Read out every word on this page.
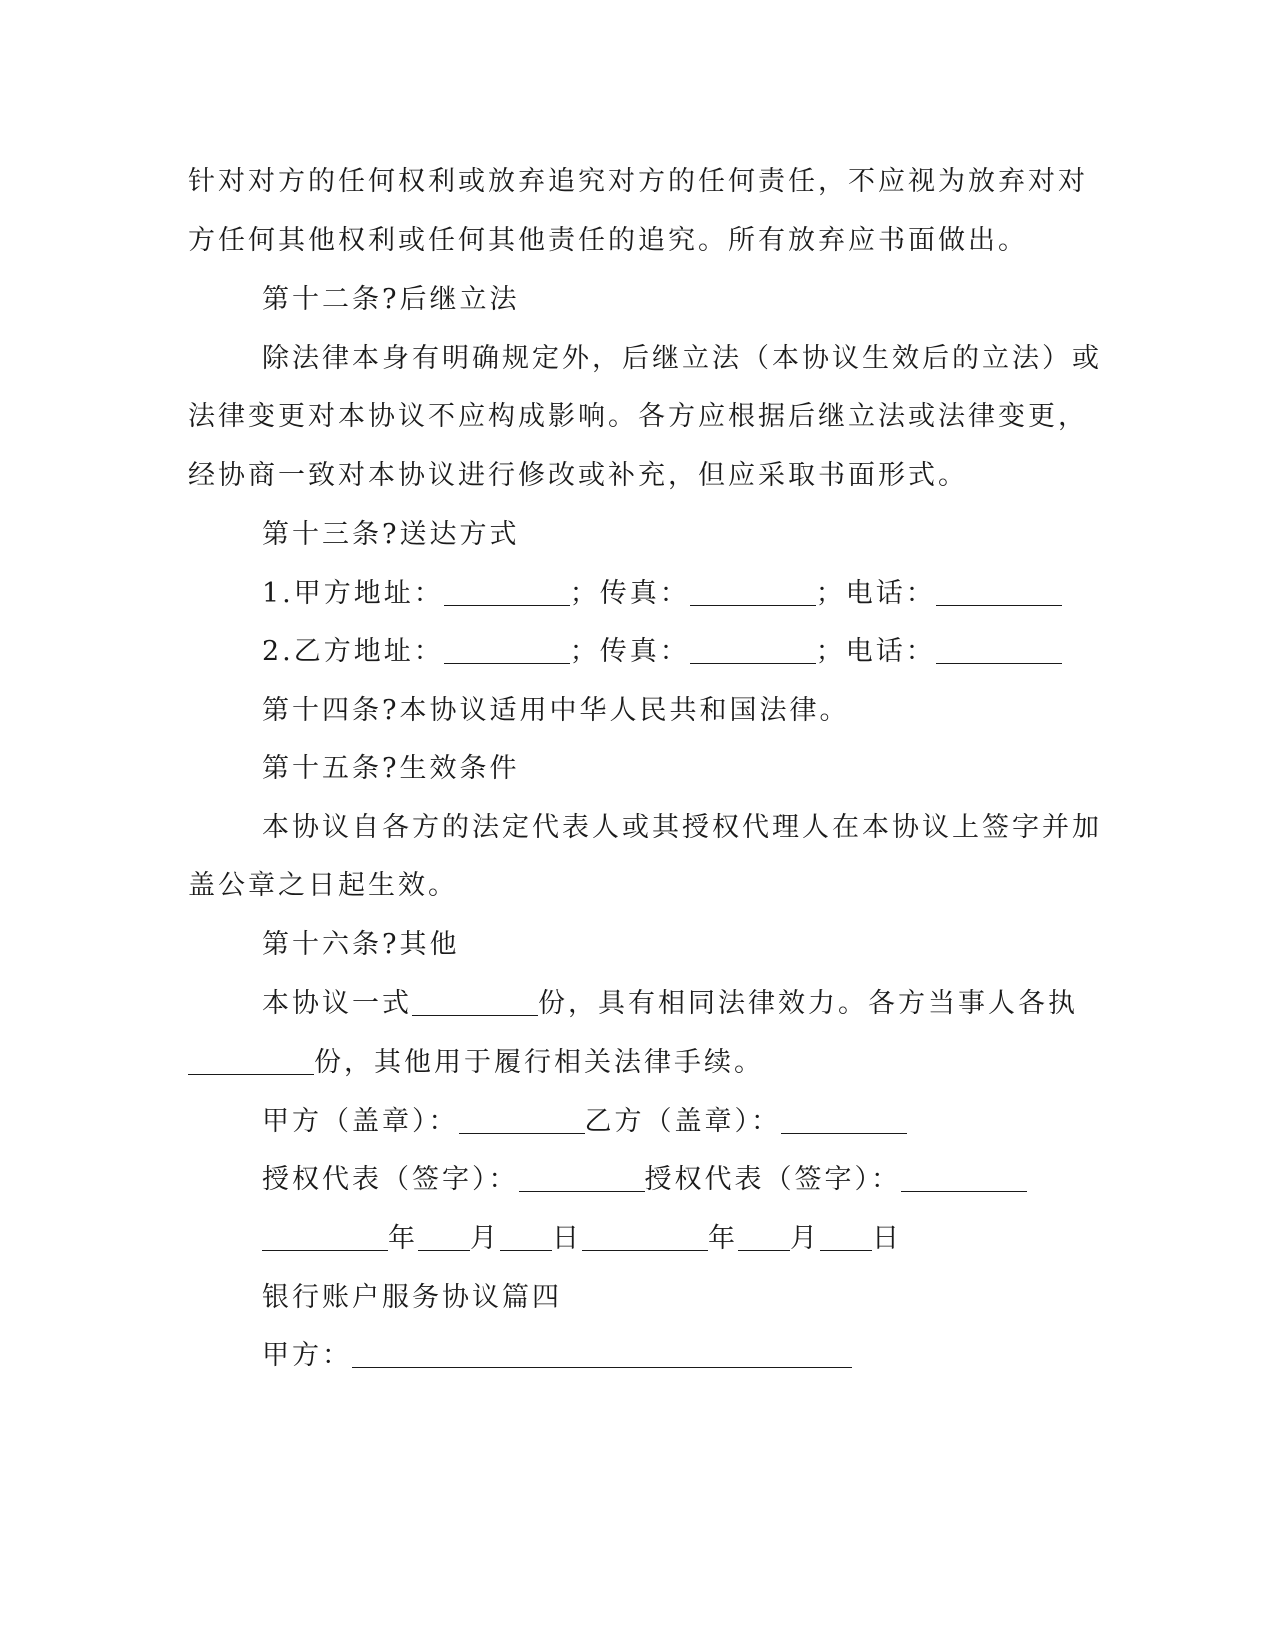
针对对方的任何权利或放弃追究对方的任何责任，不应视为放弃对对
方任何其他权利或任何其他责任的追究。所有放弃应书面做出。
第十二条?后继立法
除法律本身有明确规定外，后继立法（本协议生效后的立法）或
法律变更对本协议不应构成影响。各方应根据后继立法或法律变更，
经协商一致对本协议进行修改或补充，但应采取书面形式。
第十三条?送达方式
1.甲方地址：	；传真：	；电话：
2.乙方地址：	；传真：	；电话：
第十四条?本协议适用中华人民共和国法律。
第十五条?生效条件
本协议自各方的法定代表人或其授权代理人在本协议上签字并加
盖公章之日起生效。
第十六条?其他
本协议一式	份，具有相同法律效力。各方当事人各执
份，其他用于履行相关法律手续。
甲方（盖章）：	乙方（盖章）：
授权代表（签字）：	授权代表（签字）：
年 月 日	年 月 日
银行账户服务协议篇四
甲方：
